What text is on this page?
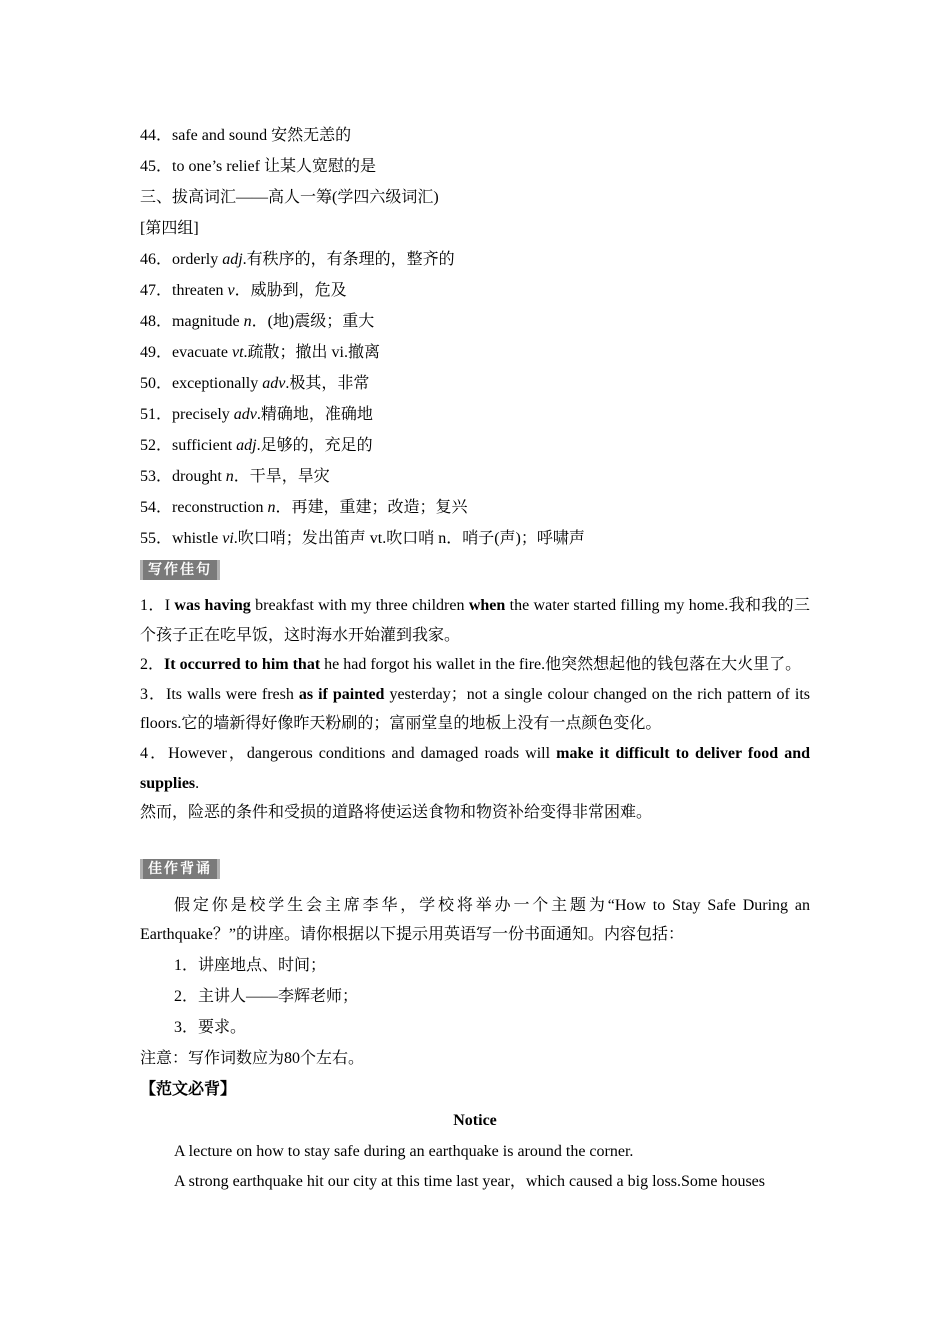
44．safe and sound 安然无恙的
45．to one’s relief 让某人宽慰的是
三、拔高词汇——高人一筹(学四六级词汇)
[第四组]
46．orderly adj.有秩序的，有条理的，整齐的
47．threaten v．威胁到，危及
48．magnitude n．(地)震级；重大
49．evacuate vt.疏散；撤出 vi.撤离
50．exceptionally adv.极其，非常
51．precisely adv.精确地，准确地
52．sufficient adj.足够的，充足的
53．drought n．干旱，旱灾
54．reconstruction n．再建，重建；改造；复兴
55．whistle vi.吹口哨；发出笛声 vt.吹口哨 n．哨子(声)；呼啸声
写作佳句
1．I was having breakfast with my three children when the water started filling my home.我和我的三个孩子正在吃早饭，这时海水开始灌到我家。
2．It occurred to him that he had forgot his wallet in the fire.他突然想起他的钱包落在大火里了。
3．Its walls were fresh as if painted yesterday；not a single colour changed on the rich pattern of its floors.它的墙新得好像昨天粉刷的；富丽堂皇的地板上没有一点颜色变化。
4．However，dangerous conditions and damaged roads will make it difficult to deliver food and supplies.
然而，险恶的条件和受损的道路将使运送食物和物资补给变得非常困难。
佳作背诵
假定你是校学生会主席李华，学校将举办一个主题为“How to Stay Safe During an Earthquake？”的讲座。请你根据以下提示用英语写一份书面通知。内容包括：
1．讲座地点、时间；
2．主讲人——李辉老师；
3．要求。
注意：写作词数应为80个左右。
【范文必背】
Notice
A lecture on how to stay safe during an earthquake is around the corner.
A strong earthquake hit our city at this time last year，which caused a big loss.Some houses
